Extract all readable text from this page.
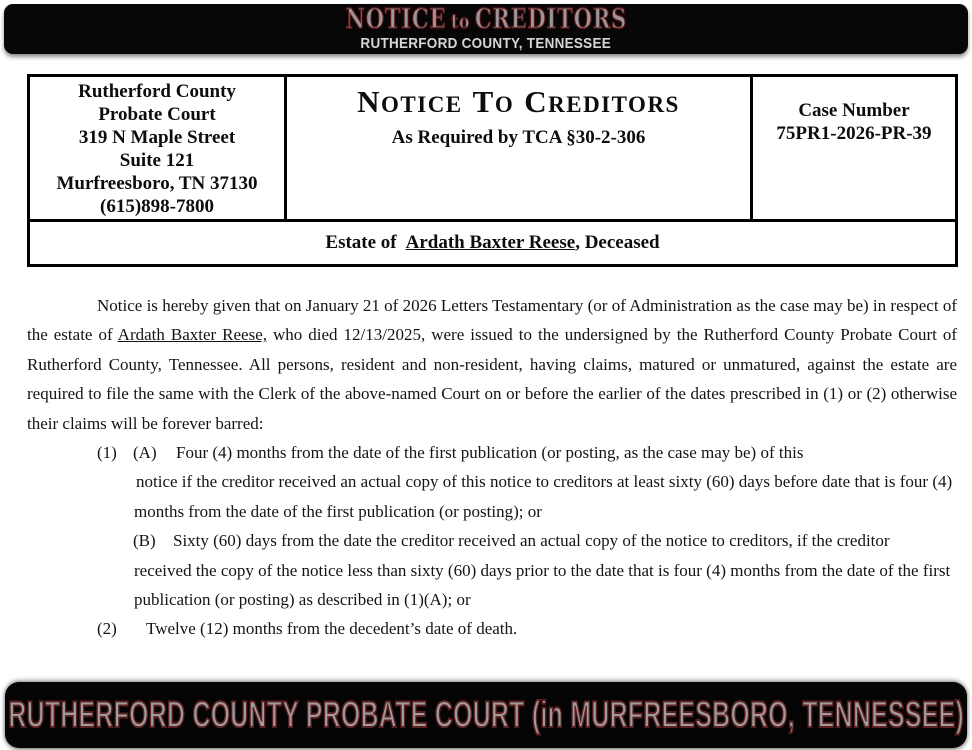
NOTICE to CREDITORS
RUTHERFORD COUNTY, TENNESSEE
Rutherford County
Probate Court
319 N Maple Street
Suite 121
Murfreesboro, TN 37130
(615)898-7800
NOTICE TO CREDITORS
As Required by TCA §30-2-306
Case Number
75PR1-2026-PR-39
Estate of Ardath Baxter Reese , Deceased

Notice is hereby given that on January 21 of 2026 Letters Testamentary (or of Administration as the case may be) in respect of the estate of Ardath Baxter Reese, who died 12/13/2025, were issued to the undersigned by the Rutherford County Probate Court of Rutherford County, Tennessee. All persons, resident and non-resident, having claims, matured or unmatured, against the estate are required to file the same with the Clerk of the above-named Court on or before the earlier of the dates prescribed in (1) or (2) otherwise their claims will be forever barred:

(1) (A) Four (4) months from the date of the first publication (or posting, as the case may be) of this
notice if the creditor received an actual copy of this notice to creditors at least sixty (60) days before date that is four (4)
months from the date of the first publication (or posting); or
(B) Sixty (60) days from the date the creditor received an actual copy of the notice to creditors, if the creditor
received the copy of the notice less than sixty (60) days prior to the date that is four (4) months from the date of the first
publication (or posting) as described in (1)(A); or
(2) Twelve (12) months from the decedent’s date of death.
RUTHERFORD COUNTY PROBATE COURT (in MURFREESBORO, TENNESSEE)
